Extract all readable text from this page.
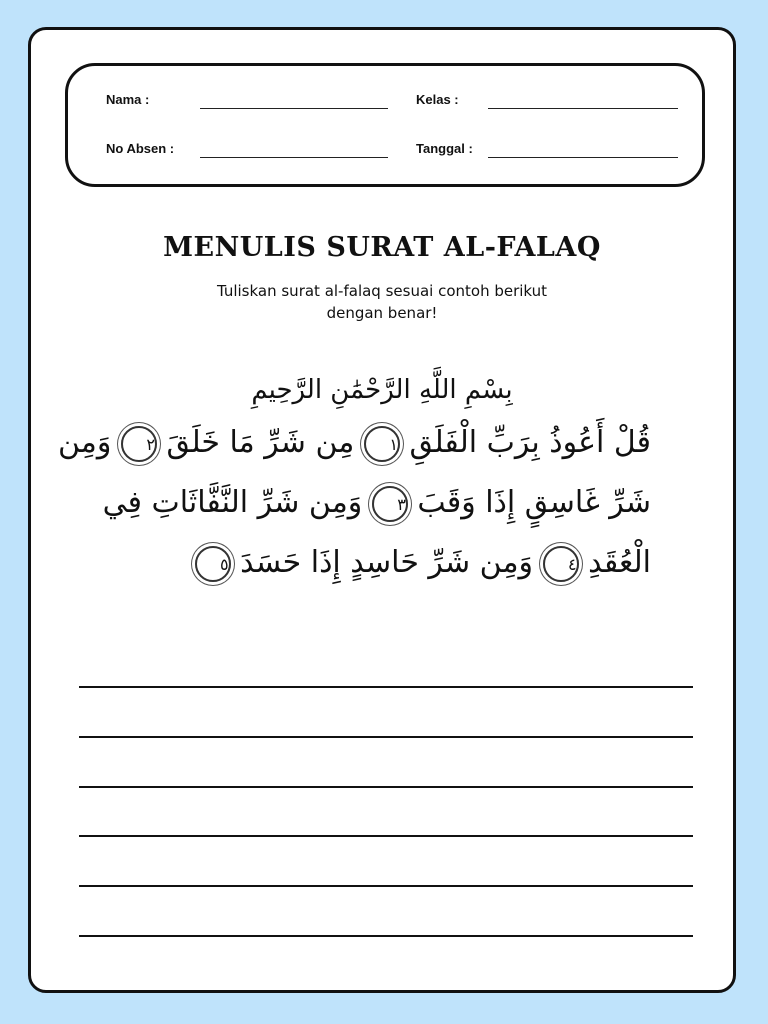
Nama :	Kelas :
No Absen :	Tanggal :
MENULIS SURAT AL-FALAQ
Tuliskan surat al-falaq sesuai contoh berikut
dengan benar!
بِسْمِ اللَّهِ الرَّحْمَٰنِ الرَّحِيمِ
قُلْ أَعُوذُ بِرَبِّ الْفَلَقِ ١ مِن شَرِّ مَا خَلَقَ ٢ وَمِن
شَرِّ غَاسِقٍ إِذَا وَقَبَ ٣ وَمِن شَرِّ النَّفَّاثَاتِ فِي
الْعُقَدِ ٤ وَمِن شَرِّ حَاسِدٍ إِذَا حَسَدَ ٥
